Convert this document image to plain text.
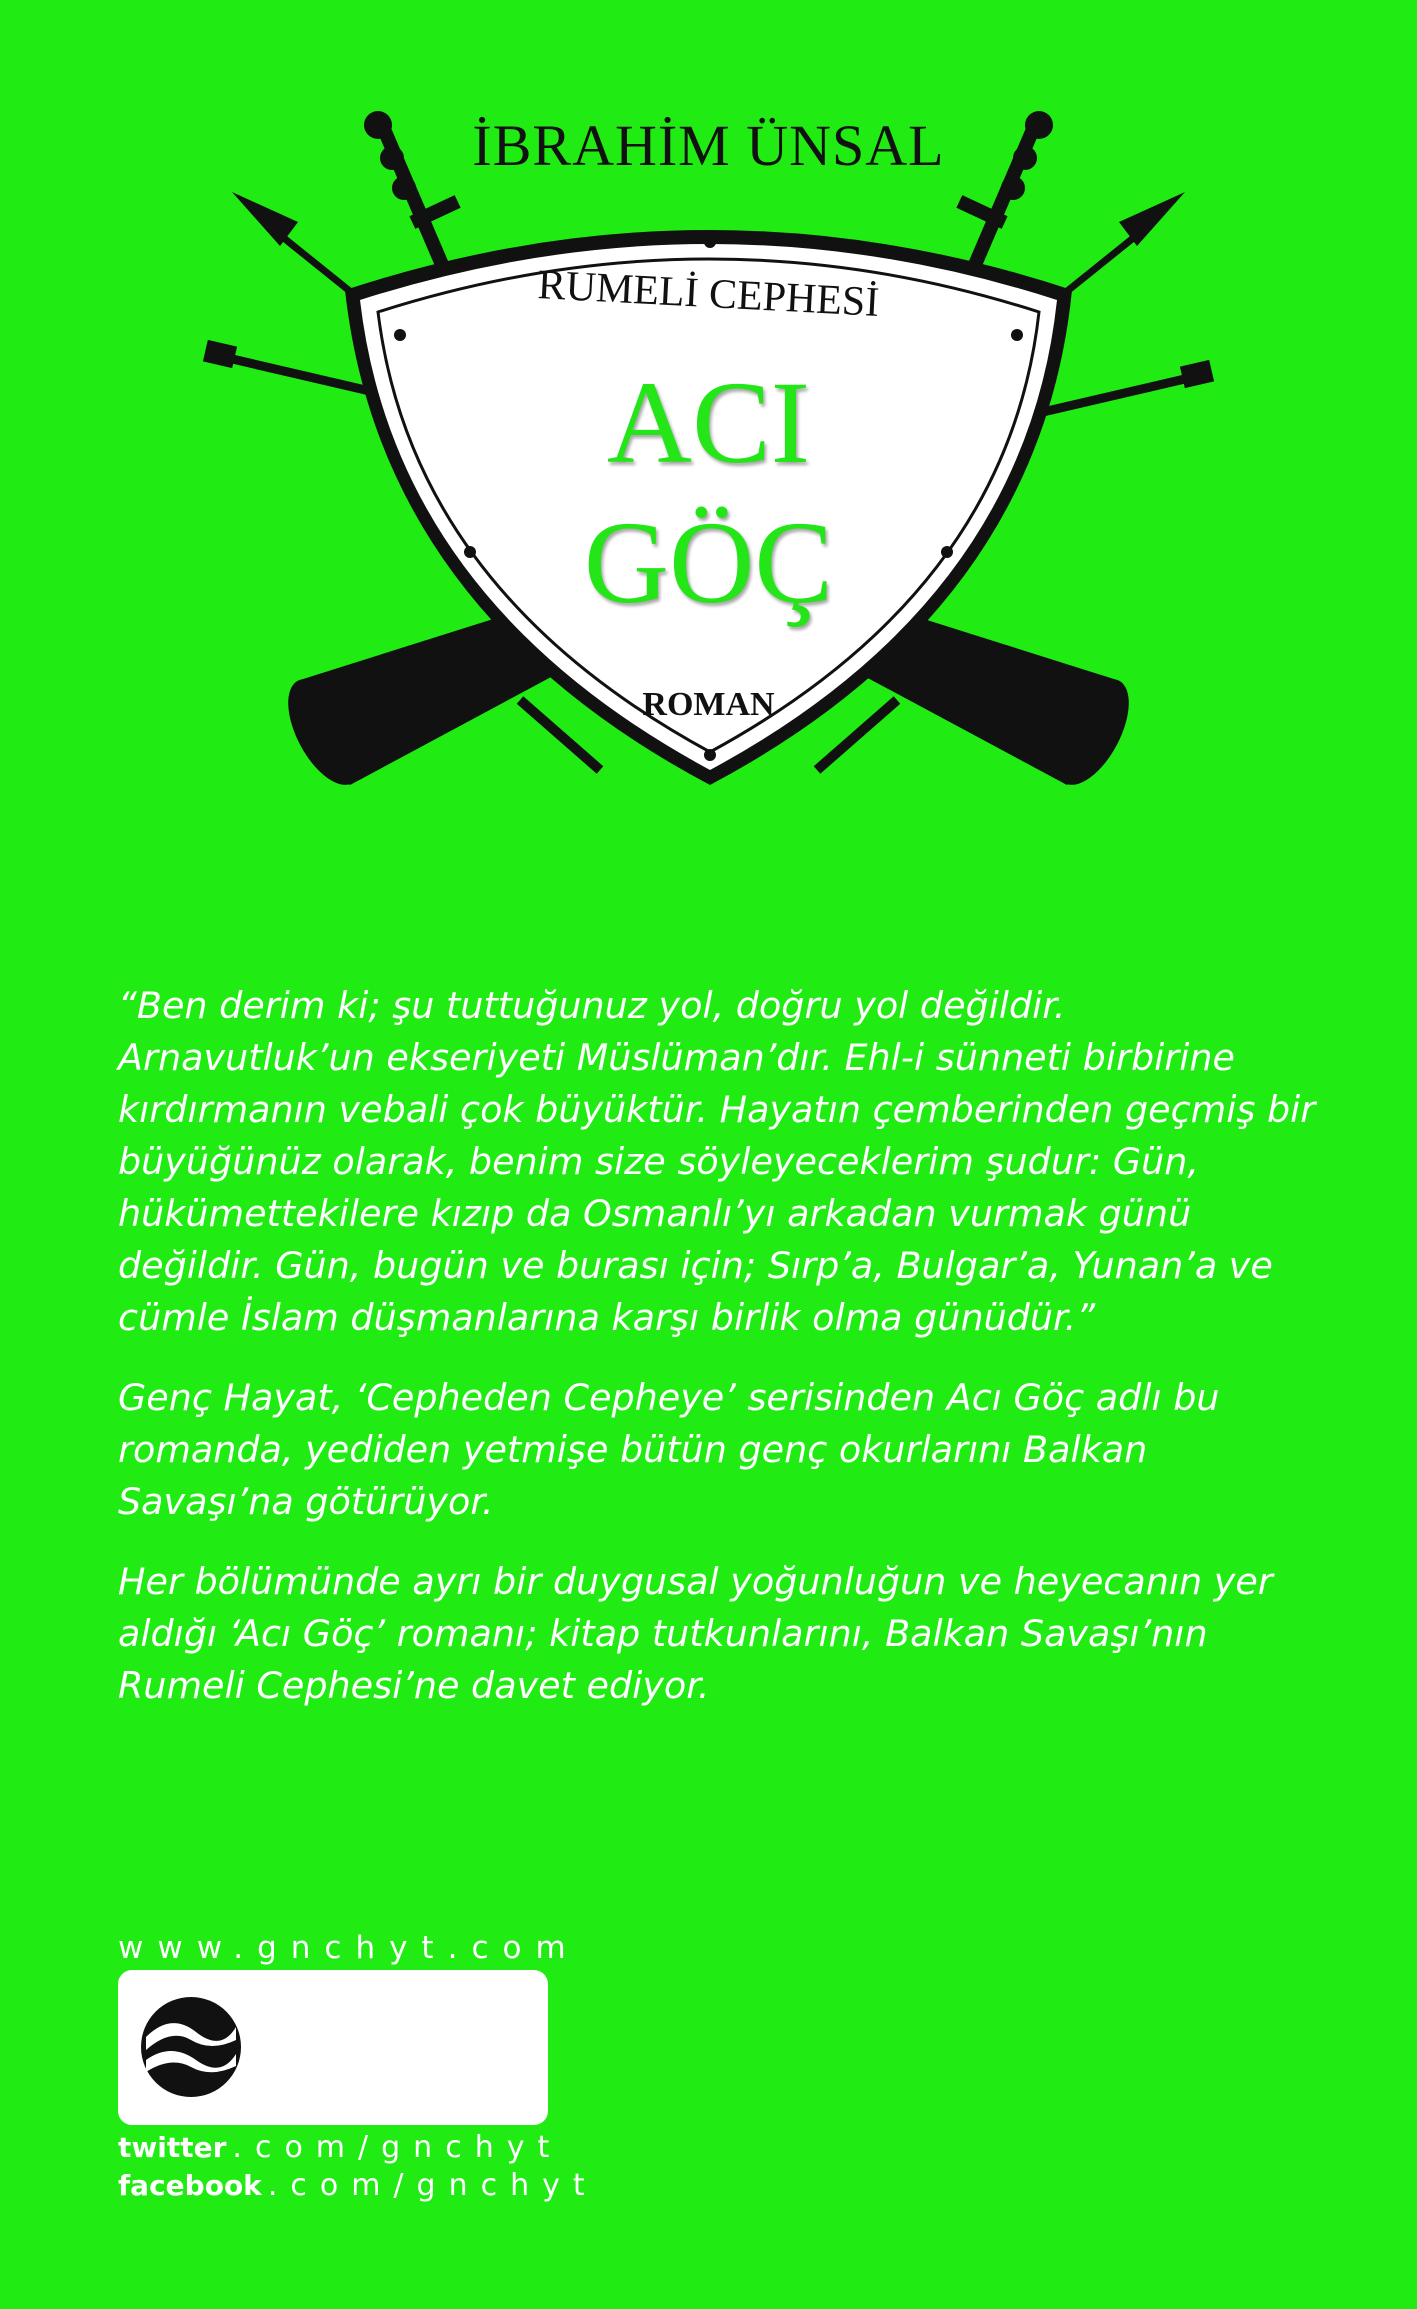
İBRAHİM ÜNSAL
RUMELİ CEPHESİ
ACI
GÖÇ
ROMAN

“Ben derim ki; şu tuttuğunuz yol, doğru yol değildir. Arnavutluk’un ekseriyeti Müslüman’dır. Ehl-i sünneti birbirine kırdırmanın vebali çok büyüktür. Hayatın çemberinden geçmiş bir büyüğünüz olarak, benim size söyleyeceklerim şudur: Gün, hükümettekilere kızıp da Osmanlı’yı arkadan vurmak günü değildir. Gün, bugün ve burası için; Sırp’a, Bulgar’a, Yunan’a ve cümle İslam düşmanlarına karşı birlik olma günüdür.”

Genç Hayat, ‘Cepheden Cepheye’ serisinden Acı Göç adlı bu romanda, yediden yetmişe bütün genç okurlarını Balkan Savaşı’na götürüyor.

Her bölümünde ayrı bir duygusal yoğunluğun ve heyecanın yer aldığı ‘Acı Göç’ romanı; kitap tutkunlarını, Balkan Savaşı’nın Rumeli Cephesi’ne davet ediyor.

www.gnchyt.com
twitter .com/gnchyt
facebook .com/gnchyt
